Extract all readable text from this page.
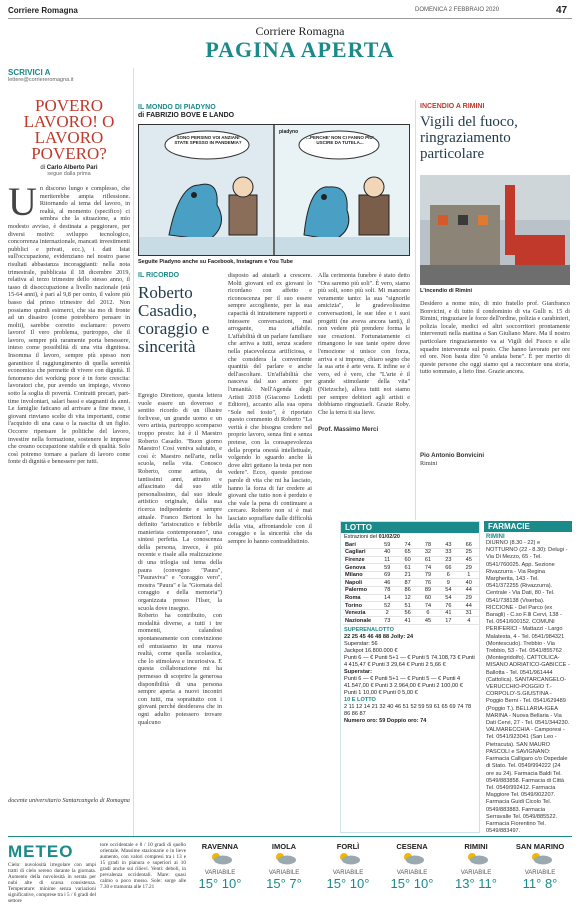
Corriere Romagna	DOMENICA 2 FEBBRAIO 2020	47
Corriere Romagna
PAGINA APERTA
SCRIVICI A
lettere@corriereromagna.it
POVERO LAVORO! O LAVORO POVERO?
di Carlo Alberto Pari
segue dalla prima
Un discorso lungo e complesso, che meriterebbe ampia riflessione. Ritornando al tema del lavoro, in realtà, al momento (specifico) ci sembra che la situazione, a mio modesto avviso, è destinata a peggiorare, per diversi motivi: sviluppo tecnologico, concorrenza internazionale, mancati investimenti pubblici e privati, ecc.), i dati Istat sull'occupazione, evidenziano nel nostro paese risultati abbastanza incoraggianti: nella nota trimestrale, pubblicata il 18 dicembre 2019, relativa al terzo trimestre dello stesso anno, il tasso di disoccupazione a livello nazionale (età 15-64 anni), è pari al 9,8 per cento, il valore più basso dal primo trimestre del 2012. Non possiamo quindi esimerci, che sia mo di fronte ad un disastro (come potrebbero pensare in molti), sarebbe corretto esclamare: povero lavoro! Il vero problema, purtroppo, che il lavoro, sempre più raramente porta benessere, inteso come possibilità di una vita dignitosa. Insomma il lavoro, sempre più spesso non garantisce il raggiungimento di quella serenità economica che permette di vivere con dignità. Il fenomeno dei working poor è in forte crescita: lavoratori che, pur avendo un impiego, vivono sotto la soglia di povertà. Contratti precari, part-time involontari, salari bassi e stagnanti da anni. Le famiglie faticano ad arrivare a fine mese, i giovani rinviano scelte di vita importanti, come l'acquisto di una casa o la nascita di un figlio. Occorre ripensare le politiche del lavoro, investire nella formazione, sostenere le imprese che creano occupazione stabile e di qualità. Solo così potremo tornare a parlare di lavoro come fonte di dignità e benessere per tutti.
docente universitario Santarcangelo di Romagna
IL MONDO DI PIADYNO
di FABRIZIO BOVE E LANDO
SONO PERSINO VOI ANZIANI STATE SPESSO IN PANDEMIA?
...PERCHE' NON CI FANNO PIU' USCIRE DA TUTELA...
piadyno
Seguite Piadyno anche su Facebook, Instagram e You Tube
IL RICORDO
Roberto Casadio, coraggio e sincerità
Egregio Direttore, questa lettera vuole essere un doveroso e sentito ricordo di un illustre forlivese, un grande uomo e un vero artista, purtroppo scomparso troppo presto: lui è il Maestro Roberto Casadio. "Buon giorno Maestro! Così veniva salutato, e così è: Maestro nell'arte, nella scuola, nella vita. Conosco Roberto, come artista, da tantissimi anni, attratto e affascinato dal suo stile personalissimo, dal suo ideale artistico originale, dalla sua ricerca indipendente e sempre attuale. Franco Bertoni lo ha definito "aristocratico e febbrile manierista contemporaneo", una sintesi perfetta. La conoscenza della persona, invece, è più recente e risale alla realizzazione di una trilogia sul tema della paura (convegno "Paura", "Pauraviva" e "coraggio vero", mostra "Paura" e la "Giornata del coraggio e della memoria") organizzata presso l'Ilser, la scuola dove insegno.
Roberto ha contribuito, con modalità diverse, a tutti i tre momenti, calandosi spontaneamente con convinzione ed entusiasmo in una nuova realtà, come quella scolastica, che lo stimolava e incuriosiva. E questa collaborazione mi ha permesso di scoprire la generosa disponibilità di una persona sempre aperta a nuovi incontri con tutti, ma soprattutto con i giovani perché desiderava che in ogni adulto potessero trovare qualcuno
disposto ad aiutarli a crescere. Molti giovani ed ex giovani lo ricordano con affetto e riconoscenza per il suo essere sempre accogliente, per la sua capacità di intrattenere rapporti e intessere conversazioni, mai arrogante, ma affabile. L'affabilità di un parlare familiare che arriva a tutti, senza scadere nella piacevolezza artificiosa, e che considera la conveniente quantità del parlare e anche dell'ascoltare. Un'affabilità che nasceva dal suo amore per l'umanità. Nell'Agenda degli Artisti 2018 (Giacomo Lodetti Editore), accanto alla sua opera "Sole nel tosto", è riportato questo commento di Roberto "La verità è che bisogna credere nel proprio lavoro, senza fini e senza pretese, con la consapevolezza della propria onestà intellettuale, volgendo lo sguardo anche là dove altri gettano la testa per non vedere". Ecco, queste preziose parole di vita che mi ha lasciato, hanno la forza di far credere ai giovani che tutto non è perduto e che vale la pena di continuare a cercare. Roberto non si è mai lasciato sopraffare dalle difficoltà della vita, affrontandole con il coraggio e la sincerità che da sempre lo hanno contraddistinto.
Alla cerimonia funebre è stato detto "Ora saremo più soli". È vero, siamo più soli, sono più soli. Mi mancano veramente tanto: la sua "signorile amicizia", le gradevolissime conversazioni, le sue idee e i suoi progetti (ne aveva ancora tanti), il non vedere più prendere forma le sue creazioni. Fortunatamente ci rimangono le sue tante opere dove l'emozione si unisce con forza, arriva e si impone, chiaro segno che la sua arte è arte vera. E infine se è vero, ed è vero, che "L'arte è il grande stimolante della vita" (Nietzsche), allora tutti noi siamo per sempre debitori agli artisti e dobbiamo ringraziarli. Grazie Roby. Che la terra ti sia lieve.
Prof. Massimo Merci
INCENDIO A RIMINI
Vigili del fuoco, ringraziamento particolare
L'incendio di Rimini
Desidero a nome mio, di mio fratello prof. Gianfranco Bonvicini, e di tutto il condominio di via Gulli n. 15 di Rimini, ringraziare le forze dell'ordine, polizia e carabinieri, polizia locale, medici ed altri soccorritori prontamente intervenuti nella mattina a San Giuliano Mare. Ma il nostro particolare ringraziamento va ai Vigili del Fuoco e alle squadre intervenute sul posto. Che hanno lavorato per ore ed ore. Non basta dire "è andata bene". È per merito di queste persone che oggi siamo qui a raccontare una storia, tutto sommato, a lieto fine. Grazie ancora.
Pio Antonio Bonvicini
Rimini
LOTTO
Estrazioni del 01/02/20
Bari	59	74	78	43	66
Cagliari	40	65	32	33	25
Firenze	11	60	61	23	45
Genova	59	61	74	66	29
Milano	69	21	79	6	1
Napoli	46	87	76	9	40
Palermo	78	86	89	54	44
Roma	14	12	60	54	29
Torino	52	51	74	76	44
Venezia	2	56	6	41	31
Nazionale	73	41	45	17	4
SUPERENALOTTO
22 25 45 46 48 88 Jolly: 24
Superstar: 56
Jackpot 16.800.000 €
Punti 6 — € Punti 5+1 — € Punti 5 74.108,73 € Punti 4 415,47 € Punti 3 29,64 € Punti 2 5,66 €
Superstar:
Punti 6 — € Punti 5+1 — € Punti 5 — € Punti 4 41.547,00 € Punti 3 2.964,00 € Punti 2 100,00 € Punti 1 10,00 € Punti 0 5,00 €
10 E LOTTO
2 11 12 14 21 32 40 46 51 52 59 59 61 65 69 74 78 86 86 87
Numero oro: 59 Doppio oro: 74
FARMACIE
RIMINI
DIURNO (8.30 - 22) e NOTTURNO (22 - 8.30): Delugi - Via Di Mezzo, 65 - Tel. 0541/760025. App. Sezione Rivazzurra - Via Regina Margherita, 143 - Tel. 0541/372255 (Rivazzurra). Centrale - Via Dati, 80 - Tel. 0541/738138 (Viserba). RICCIONE - Del Parco (ex Baragli) - C.so F.lli Cervi, 138 - Tel. 0541/600152. COMUNI PERIFERICI - Mattazzi - Largo Malatesta, 4 - Tel. 0541/984321 (Montescudo). Trebbio - Via Trebbio, 53 - Tel. 0541/855762 (Montegridolfo). CATTOLICA-MISANO ADRIATICO-GABICCE - Ballotta - Tel. 0541/961444 (Cattolica). SANTARCANGELO-VERUCCHIO-POGGIO T.-CORPOLO'-S.GIUSTINA - Poggio Berni - Tel. 0541/629489 (Poggio T.). BELLARIA-IGEA MARINA - Nuova Bellaria - Via Dati Cervi, 27 - Tel. 0541/344230. VALMARECCHIA - Camporesi - Tel. 0541/923041 (San Leo - Pietracuta). SAN MAURO PASCOLI e SAVIGNANO: Farmacia Calligaro c/o Ospedale di Stato. Tel. 0549/994222 (24 ore su 24). Farmacia Baldi Tel. 0549/883858. Farmacia di Città Tel. 0549/992412. Farmacia Maggiore Tel. 0549/902207. Farmacia Guidi Cicolo Tel. 0549/883883. Farmacia Serravalle Tel. 0549/885522. Farmacia Fiorentino Tel. 0549/883497.
METEO
Cielo: nuvolosità irregolare con ampi tratti di cielo sereno durante la giornata. Aumento della nuvolosità in serata per nubi alte di scarsa consistenza. Temperature: minime senza variazioni significative, comprese tra i 5 / 6 gradi del settore
tore occidentale e 8 / 10 gradi di quello orientale. Massime stazionarie o in lieve aumento, con valori compresi tra i 13 e 15 gradi in pianura e superiori ai 10 gradi anche sui rilievi. Venti: deboli, in prevalenza occidentali. Mare: quasi calmo o poco mosso. Sole: sorge alle 7.30 e tramonta alle 17.21
RAVENNA
VARIABILE
15° 10°
IMOLA
VARIABILE
15° 7°
FORLÌ
VARIABILE
15° 10°
CESENA
VARIABILE
15° 10°
RIMINI
VARIABILE
13° 11°
SAN MARINO
VARIABILE
11° 8°
